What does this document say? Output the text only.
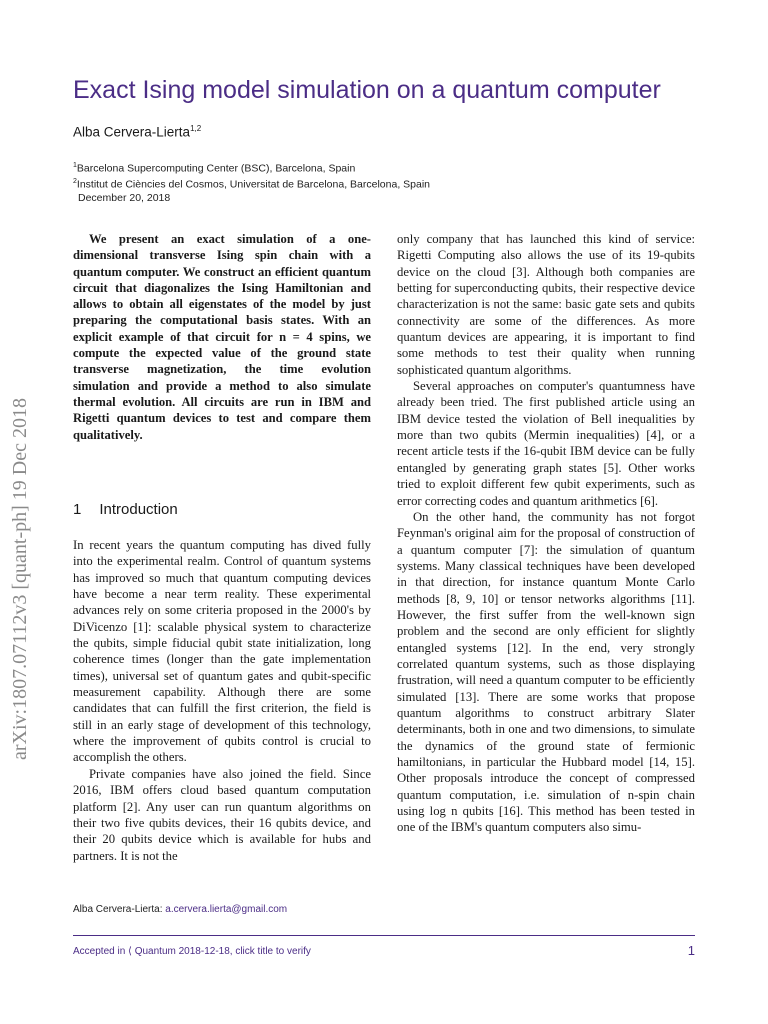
Exact Ising model simulation on a quantum computer
Alba Cervera-Lierta$^{1,2}$
$^1$Barcelona Supercomputing Center (BSC), Barcelona, Spain
$^2$Institut de Ciències del Cosmos, Universitat de Barcelona, Barcelona, Spain
December 20, 2018
arXiv:1807.07112v3 [quant-ph] 19 Dec 2018
We present an exact simulation of a one-dimensional transverse Ising spin chain with a quantum computer. We construct an efficient quantum circuit that diagonalizes the Ising Hamiltonian and allows to obtain all eigenstates of the model by just preparing the computational basis states. With an explicit example of that circuit for n = 4 spins, we compute the expected value of the ground state transverse magnetization, the time evolution simulation and provide a method to also simulate thermal evolution. All circuits are run in IBM and Rigetti quantum devices to test and compare them qualitatively.
1 Introduction

In recent years the quantum computing has dived fully into the experimental realm. Control of quantum systems has improved so much that quantum computing devices have become a near term reality. These experimental advances rely on some criteria proposed in the 2000's by DiVicenzo [1]: scalable physical system to characterize the qubits, simple fiducial qubit state initialization, long coherence times (longer than the gate implementation times), universal set of quantum gates and qubit-specific measurement capability. Although there are some candidates that can fulfill the first criterion, the field is still in an early stage of development of this technology, where the improvement of qubits control is crucial to accomplish the others.

Private companies have also joined the field. Since 2016, IBM offers cloud based quantum computation platform [2]. Any user can run quantum algorithms on their two five qubits devices, their 16 qubits device, and their 20 qubits device which is available for hubs and partners. It is not the

only company that has launched this kind of service: Rigetti Computing also allows the use of its 19-qubits device on the cloud [3]. Although both companies are betting for superconducting qubits, their respective device characterization is not the same: basic gate sets and qubits connectivity are some of the differences. As more quantum devices are appearing, it is important to find some methods to test their quality when running sophisticated quantum algorithms.

Several approaches on computer's quantumness have already been tried. The first published article using an IBM device tested the violation of Bell inequalities by more than two qubits (Mermin inequalities) [4], or a recent article tests if the 16-qubit IBM device can be fully entangled by generating graph states [5]. Other works tried to exploit different few qubit experiments, such as error correcting codes and quantum arithmetics [6].

On the other hand, the community has not forgot Feynman's original aim for the proposal of construction of a quantum computer [7]: the simulation of quantum systems. Many classical techniques have been developed in that direction, for instance quantum Monte Carlo methods [8, 9, 10] or tensor networks algorithms [11]. However, the first suffer from the well-known sign problem and the second are only efficient for slightly entangled systems [12]. In the end, very strongly correlated quantum systems, such as those displaying frustration, will need a quantum computer to be efficiently simulated [13]. There are some works that propose quantum algorithms to construct arbitrary Slater determinants, both in one and two dimensions, to simulate the dynamics of the ground state of fermionic hamiltonians, in particular the Hubbard model [14, 15]. Other proposals introduce the concept of compressed quantum computation, i.e. simulation of n-spin chain using log n qubits [16]. This method has been tested in one of the IBM's quantum computers also simu-

Alba Cervera-Lierta: a.cervera.lierta@gmail.com
Accepted in ⟨ Quantum 2018-12-18, click title to verify	1
